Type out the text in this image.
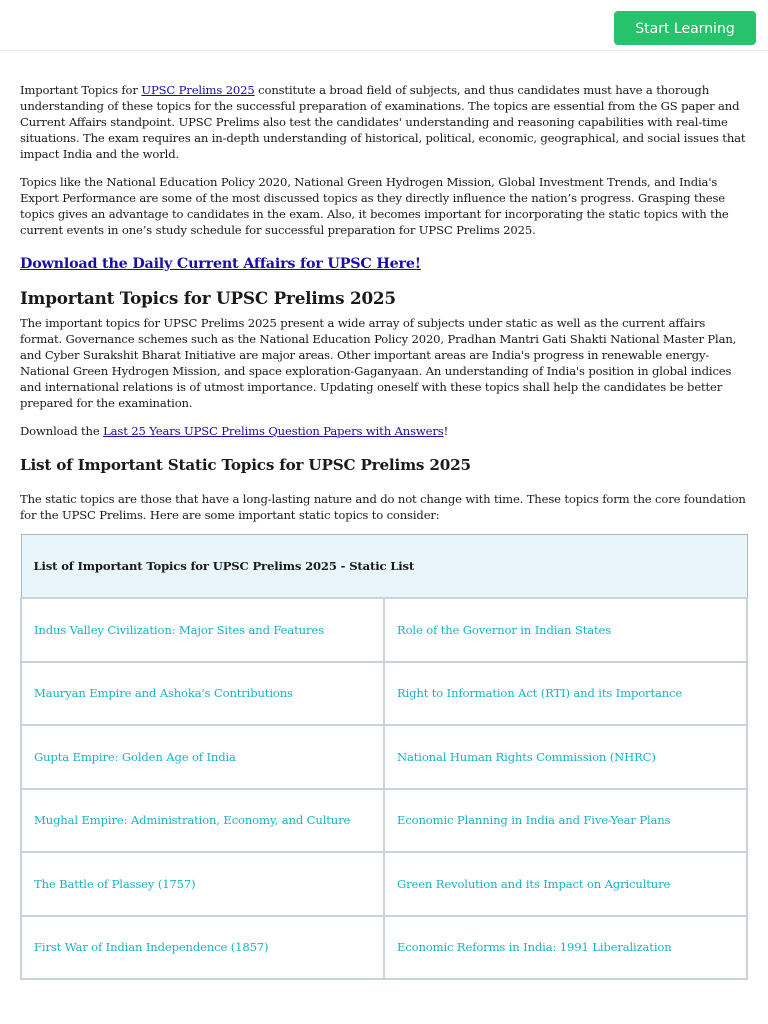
Start Learning

Important Topics for UPSC Prelims 2025 constitute a broad field of subjects, and thus candidates must have a thorough understanding of these topics for the successful preparation of examinations. The topics are essential from the GS paper and Current Affairs standpoint. UPSC Prelims also test the candidates' understanding and reasoning capabilities with real-time situations. The exam requires an in-depth understanding of historical, political, economic, geographical, and social issues that impact India and the world.

Topics like the National Education Policy 2020, National Green Hydrogen Mission, Global Investment Trends, and India's Export Performance are some of the most discussed topics as they directly influence the nation’s progress. Grasping these topics gives an advantage to candidates in the exam. Also, it becomes important for incorporating the static topics with the current events in one’s study schedule for successful preparation for UPSC Prelims 2025.

Download the Daily Current Affairs for UPSC Here!
Important Topics for UPSC Prelims 2025

The important topics for UPSC Prelims 2025 present a wide array of subjects under static as well as the current affairs format. Governance schemes such as the National Education Policy 2020, Pradhan Mantri Gati Shakti National Master Plan, and Cyber Surakshit Bharat Initiative are major areas. Other important areas are India's progress in renewable energy-National Green Hydrogen Mission, and space exploration-Gaganyaan. An understanding of India's position in global indices and international relations is of utmost importance. Updating oneself with these topics shall help the candidates be better prepared for the examination.

Download the Last 25 Years UPSC Prelims Question Papers with Answers!

List of Important Static Topics for UPSC Prelims 2025

The static topics are those that have a long-lasting nature and do not change with time. These topics form the core foundation for the UPSC Prelims. Here are some important static topics to consider:

List of Important Topics for UPSC Prelims 2025 - Static List	
Indus Valley Civilization: Major Sites and Features	Role of the Governor in Indian States
Mauryan Empire and Ashoka's Contributions	Right to Information Act (RTI) and its Importance
Gupta Empire: Golden Age of India	National Human Rights Commission (NHRC)
Mughal Empire: Administration, Economy, and Culture	Economic Planning in India and Five-Year Plans
The Battle of Plassey (1757)	Green Revolution and its Impact on Agriculture
First War of Indian Independence (1857)	Economic Reforms in India: 1991 Liberalization
